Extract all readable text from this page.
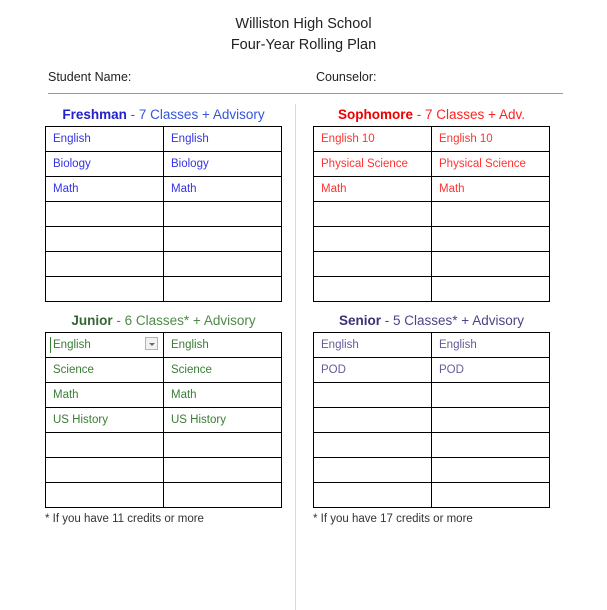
Williston High School
Four-Year Rolling Plan
Student Name:	Counselor:
Freshman - 7 Classes + Advisory
English	English
Biology	Biology
Math	Math

Sophomore - 7 Classes + Adv.
English 10	English 10
Physical Science	Physical Science
Math	Math

Junior - 6 Classes* + Advisory
English	English
Science	Science
Math	Math
US History	US History

Senior - 5 Classes* + Advisory
English	English
POD	POD

* If you have 11 credits or more	* If you have 17 credits or more
